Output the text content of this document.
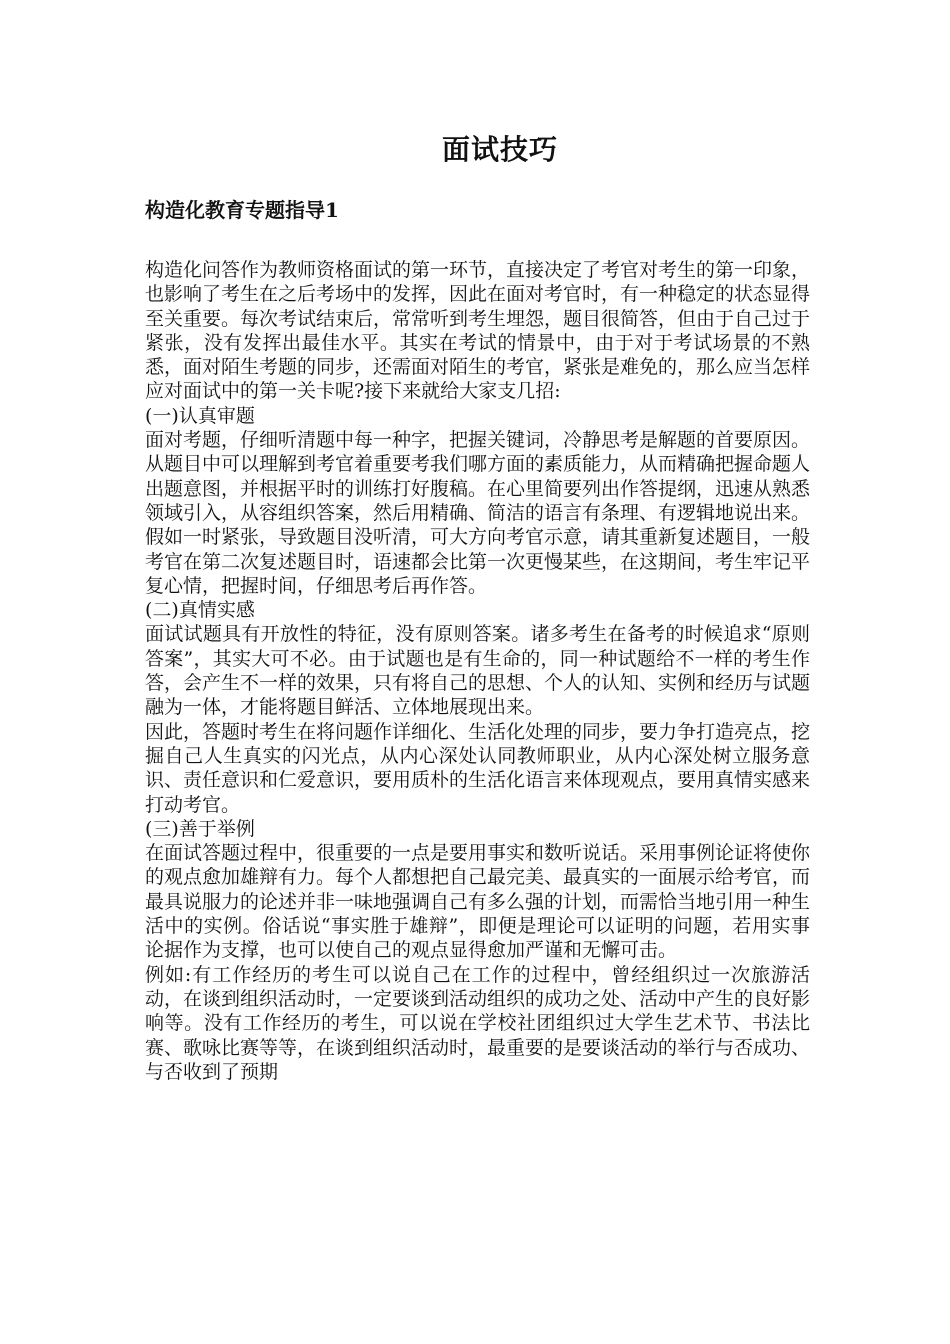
面试技巧
构造化教育专题指导1

构造化问答作为教师资格面试的第一环节，直接决定了考官对考生的第一印象，也影响了考生在之后考场中的发挥，因此在面对考官时，有一种稳定的状态显得至关重要。每次考试结束后，常常听到考生埋怨，题目很简答，但由于自己过于紧张，没有发挥出最佳水平。其实在考试的情景中，由于对于考试场景的不熟悉，面对陌生考题的同步，还需面对陌生的考官，紧张是难免的，那么应当怎样应对面试中的第一关卡呢?接下来就给大家支几招:

(一)认真审题

面对考题，仔细听清题中每一种字，把握关键词，冷静思考是解题的首要原因。从题目中可以理解到考官着重要考我们哪方面的素质能力，从而精确把握命题人出题意图，并根据平时的训练打好腹稿。在心里简要列出作答提纲，迅速从熟悉领域引入，从容组织答案，然后用精确、简洁的语言有条理、有逻辑地说出来。

假如一时紧张，导致题目没听清，可大方向考官示意，请其重新复述题目，一般考官在第二次复述题目时，语速都会比第一次更慢某些，在这期间，考生牢记平复心情，把握时间，仔细思考后再作答。

(二)真情实感

面试试题具有开放性的特征，没有原则答案。诸多考生在备考的时候追求“原则答案”，其实大可不必。由于试题也是有生命的，同一种试题给不一样的考生作答，会产生不一样的效果，只有将自己的思想、个人的认知、实例和经历与试题融为一体，才能将题目鲜活、立体地展现出来。

因此，答题时考生在将问题作详细化、生活化处理的同步，要力争打造亮点，挖掘自己人生真实的闪光点，从内心深处认同教师职业，从内心深处树立服务意识、责任意识和仁爱意识，要用质朴的生活化语言来体现观点，要用真情实感来打动考官。

(三)善于举例

在面试答题过程中，很重要的一点是要用事实和数听说话。采用事例论证将使你的观点愈加雄辩有力。每个人都想把自己最完美、最真实的一面展示给考官，而最具说服力的论述并非一味地强调自己有多么强的计划，而需恰当地引用一种生活中的实例。俗话说“事实胜于雄辩”，即便是理论可以证明的问题，若用实事论据作为支撑，也可以使自己的观点显得愈加严谨和无懈可击。

例如:有工作经历的考生可以说自己在工作的过程中，曾经组织过一次旅游活动，在谈到组织活动时，一定要谈到活动组织的成功之处、活动中产生的良好影响等。没有工作经历的考生，可以说在学校社团组织过大学生艺术节、书法比赛、歌咏比赛等等，在谈到组织活动时，最重要的是要谈活动的举行与否成功、与否收到了预期
